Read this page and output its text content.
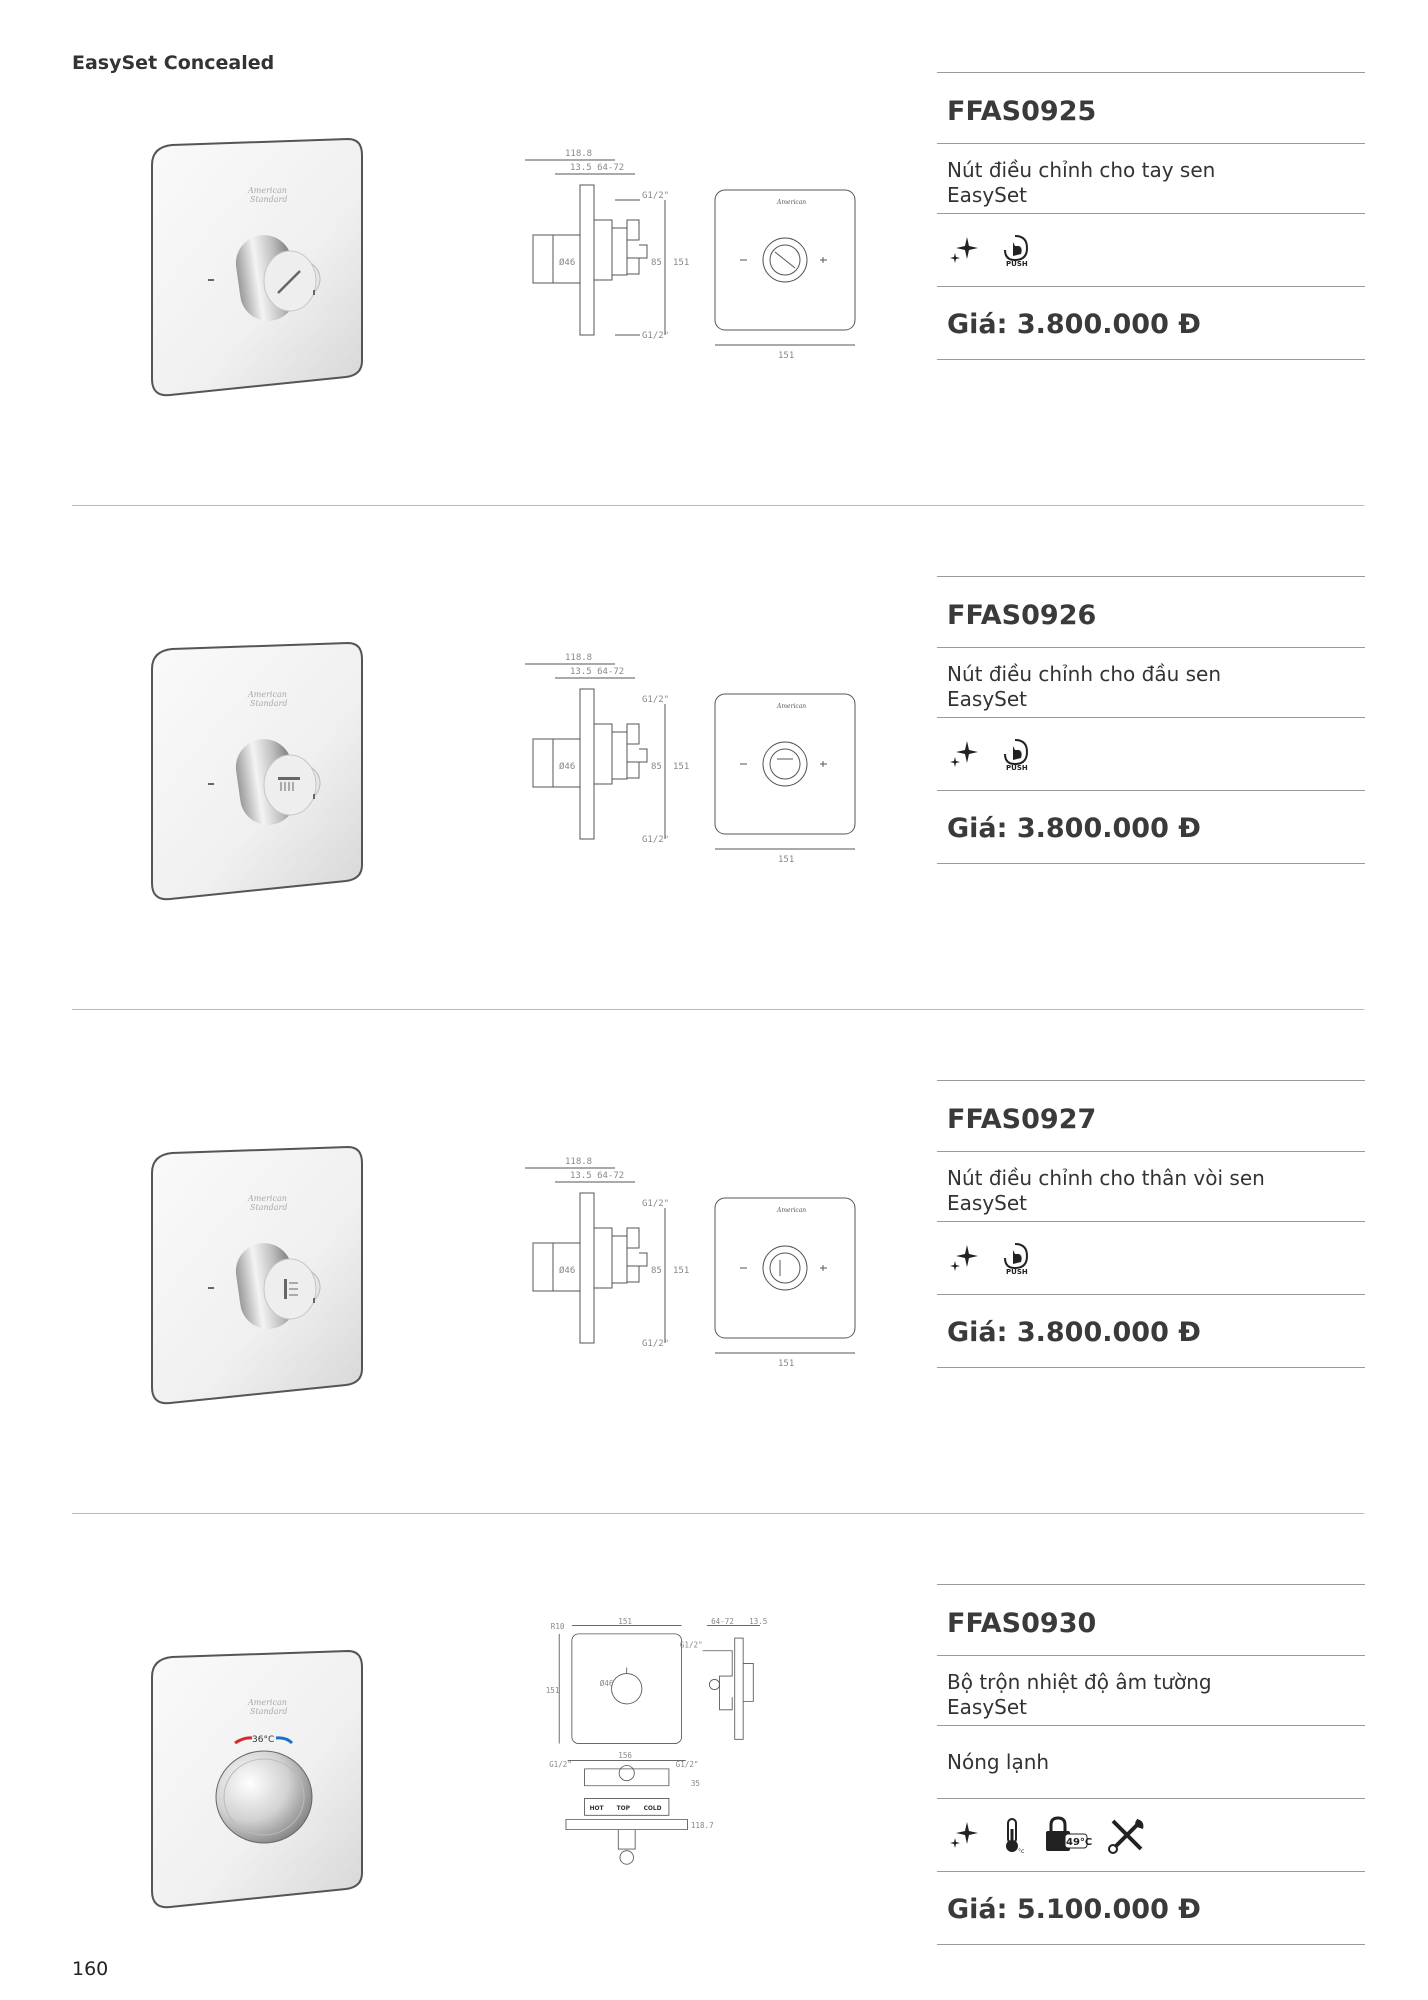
EasySet Concealed
American
Standard
118.8
13.5 64-72
G1/2"
G1/2"
151
151
Ø46	85
American
FFAS0925
Nút điều chỉnh cho tay sen
EasySet
PUSH
Giá: 3.800.000 Đ
American
Standard
118.8
13.5 64-72
G1/2"
G1/2"
151
151
Ø46	85
American
FFAS0926
Nút điều chỉnh cho đầu sen
EasySet
PUSH
Giá: 3.800.000 Đ
American
Standard
118.8
13.5 64-72
G1/2"
G1/2"
151
151
Ø46	85
American
FFAS0927
Nút điều chỉnh cho thân vòi sen
EasySet
PUSH
Giá: 3.800.000 Đ
American
Standard
36°C
151
151
R10
Ø46
G1/2"
64-72 13.5
35
156
G1/2"	G1/2"
118.7
HOT TOP COLD
FFAS0930
Bộ trộn nhiệt độ âm tường
EasySet
Nóng lạnh
°c
49°C
Giá: 5.100.000 Đ
160
